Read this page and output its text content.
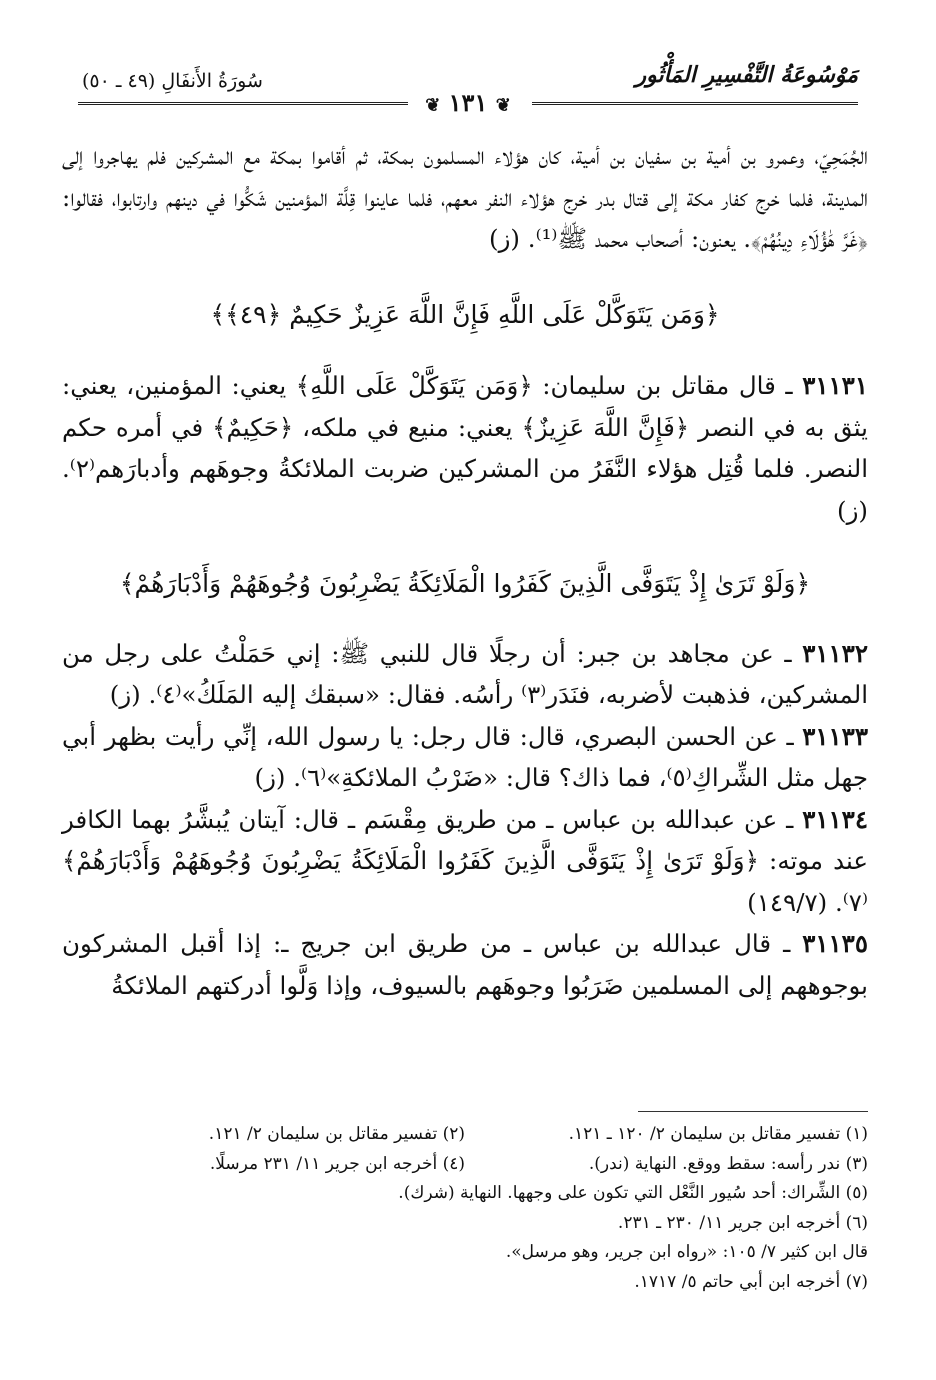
مَوْسُوعَةُ التَّفْسِيرِ المَأْثُور
سُورَةُ الأَنفَالِ (٤٩ ـ ٥٠)
❦ ١٣١ ❦

الجُمَحِيّ، وعمرو بن أمية بن سفيان بن أمية، كان هؤلاء المسلمون بمكة، ثم أقاموا بمكة مع المشركين فلم يهاجروا إلى المدينة، فلما خرج كفار مكة إلى قتال بدر خرج هؤلاء النفر معهم، فلما عاينوا قِلَّة المؤمنين شَكُّوا في دينهم وارتابوا، فقالوا: ﴿غَرَّ هَٰؤُلَاءِ دِينُهُمْ﴾. يعنون: أصحاب محمد ﷺ⁽¹⁾. (ز)

﴿وَمَن يَتَوَكَّلْ عَلَى اللَّهِ فَإِنَّ اللَّهَ عَزِيزٌ حَكِيمٌ ﴿٤٩﴾﴾

٣١١٣١ ـ قال مقاتل بن سليمان: ﴿وَمَن يَتَوَكَّلْ عَلَى اللَّهِ﴾ يعني: المؤمنين، يعني: يثق به في النصر ﴿فَإِنَّ اللَّهَ عَزِيزٌ﴾ يعني: منيع في ملكه، ﴿حَكِيمٌ﴾ في أمره حكم النصر. فلما قُتِل هؤلاء النَّفَرُ من المشركين ضربت الملائكةُ وجوهَهم وأدبارَهم⁽٢⁾. (ز)

﴿وَلَوْ تَرَىٰ إِذْ يَتَوَفَّى الَّذِينَ كَفَرُوا الْمَلَائِكَةُ يَضْرِبُونَ وُجُوهَهُمْ وَأَدْبَارَهُمْ﴾

٣١١٣٢ ـ عن مجاهد بن جبر: أن رجلًا قال للنبي ﷺ: إني حَمَلْتُ على رجل من المشركين، فذهبت لأضربه، فنَدَر⁽٣⁾ رأسُه. فقال: «سبقك إليه المَلَكُ»⁽٤⁾. (ز)

٣١١٣٣ ـ عن الحسن البصري، قال: قال رجل: يا رسول الله، إنِّي رأيت بظهر أبي جهل مثل الشِّراكِ⁽٥⁾، فما ذاك؟ قال: «ضَرْبُ الملائكةِ»⁽٦⁾. (ز)

٣١١٣٤ ـ عن عبدالله بن عباس ـ من طريق مِقْسَم ـ قال: آيتان يُبشَّرُ بهما الكافر عند موته: ﴿وَلَوْ تَرَىٰ إِذْ يَتَوَفَّى الَّذِينَ كَفَرُوا الْمَلَائِكَةُ يَضْرِبُونَ وُجُوهَهُمْ وَأَدْبَارَهُمْ﴾⁽٧⁾. (١٤٩/٧)

٣١١٣٥ ـ قال عبدالله بن عباس ـ من طريق ابن جريج ـ: إذا أقبل المشركون بوجوههم إلى المسلمين ضَرَبُوا وجوهَهم بالسيوف، وإذا وَلَّوا أدركتهم الملائكةُ

(١) تفسير مقاتل بن سليمان ٢/ ١٢٠ ـ ١٢١.
(٢) تفسير مقاتل بن سليمان ٢/ ١٢١.
(٣) ندر رأسه: سقط ووقع. النهاية (ندر).
(٤) أخرجه ابن جرير ١١/ ٢٣١ مرسلًا.
(٥) الشِّراك: أحد سُيور النَّعْل التي تكون على وجهها. النهاية (شرك).
(٦) أخرجه ابن جرير ١١/ ٢٣٠ ـ ٢٣١.
قال ابن كثير ٧/ ١٠٥: «رواه ابن جرير، وهو مرسل».
(٧) أخرجه ابن أبي حاتم ٥/ ١٧١٧.
